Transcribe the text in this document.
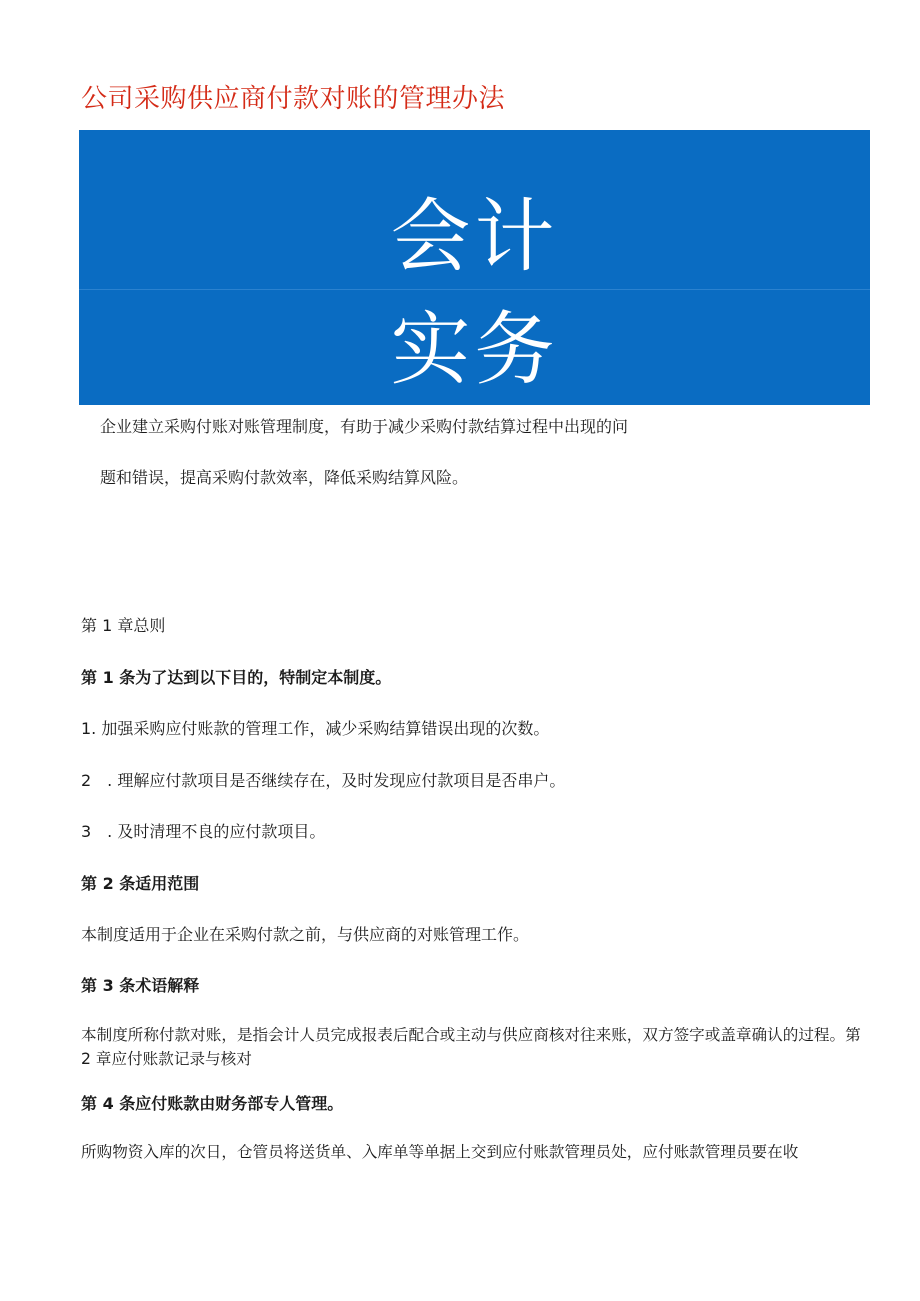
公司采购供应商付款对账的管理办法
会计
实务
企业建立采购付账对账管理制度，有助于减少采购付款结算过程中出现的问
题和错误，提高采购付款效率，降低采购结算风险。
第 1 章总则
第 1 条为了达到以下目的，特制定本制度。
1. 加强采购应付账款的管理工作，减少采购结算错误出现的次数。
2　. 理解应付款项目是否继续存在，及时发现应付款项目是否串户。
3　. 及时清理不良的应付款项目。
第 2 条适用范围
本制度适用于企业在采购付款之前，与供应商的对账管理工作。
第 3 条术语解释
本制度所称付款对账，是指会计人员完成报表后配合或主动与供应商核对往来账，双方签字或盖章确认的过程。第 2 章应付账款记录与核对
第 4 条应付账款由财务部专人管理。
所购物资入库的次日，仓管员将送货单、入库单等单据上交到应付账款管理员处，应付账款管理员要在收
